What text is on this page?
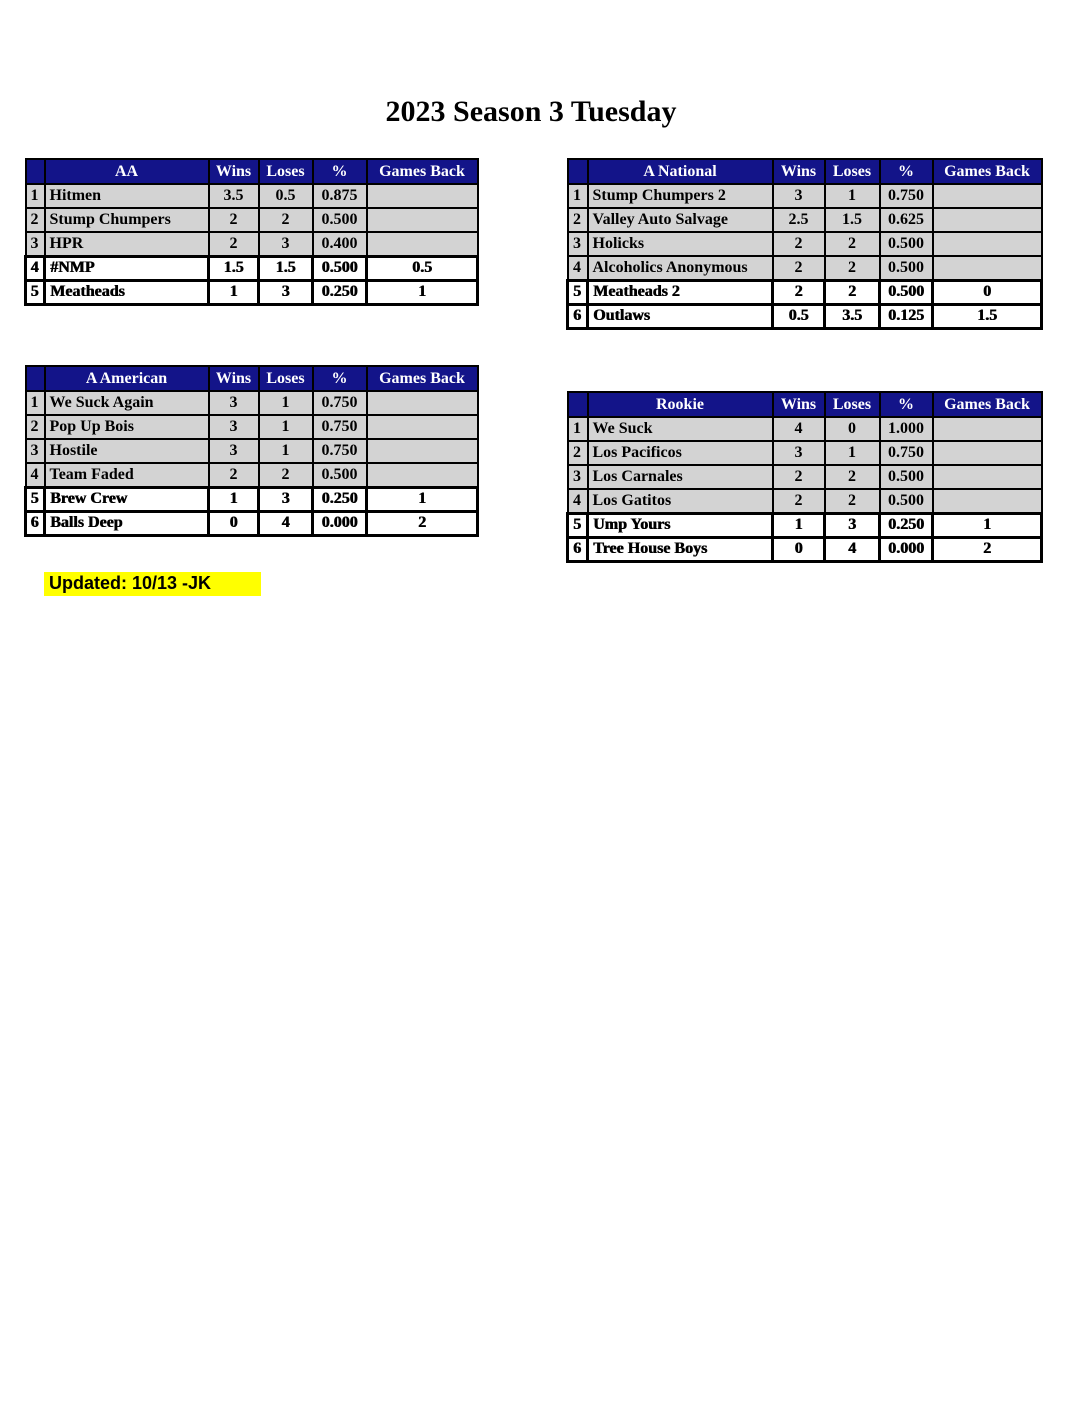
2023 Season 3 Tuesday
	AA	Wins	Loses	%	Games Back
1	Hitmen	3.5	0.5	0.875	
2	Stump Chumpers	2	2	0.500	
3	HPR	2	3	0.400	
4	#NMP	1.5	1.5	0.500	0.5
5	Meatheads	1	3	0.250	1
	A National	Wins	Loses	%	Games Back
1	Stump Chumpers 2	3	1	0.750	
2	Valley Auto Salvage	2.5	1.5	0.625	
3	Holicks	2	2	0.500	
4	Alcoholics Anonymous	2	2	0.500	
5	Meatheads 2	2	2	0.500	0
6	Outlaws	0.5	3.5	0.125	1.5
	A American	Wins	Loses	%	Games Back
1	We Suck Again	3	1	0.750	
2	Pop Up Bois	3	1	0.750	
3	Hostile	3	1	0.750	
4	Team Faded	2	2	0.500	
5	Brew Crew	1	3	0.250	1
6	Balls Deep	0	4	0.000	2
	Rookie	Wins	Loses	%	Games Back
1	We Suck	4	0	1.000	
2	Los Pacificos	3	1	0.750	
3	Los Carnales	2	2	0.500	
4	Los Gatitos	2	2	0.500	
5	Ump Yours	1	3	0.250	1
6	Tree House Boys	0	4	0.000	2
Updated: 10/13 -JK
